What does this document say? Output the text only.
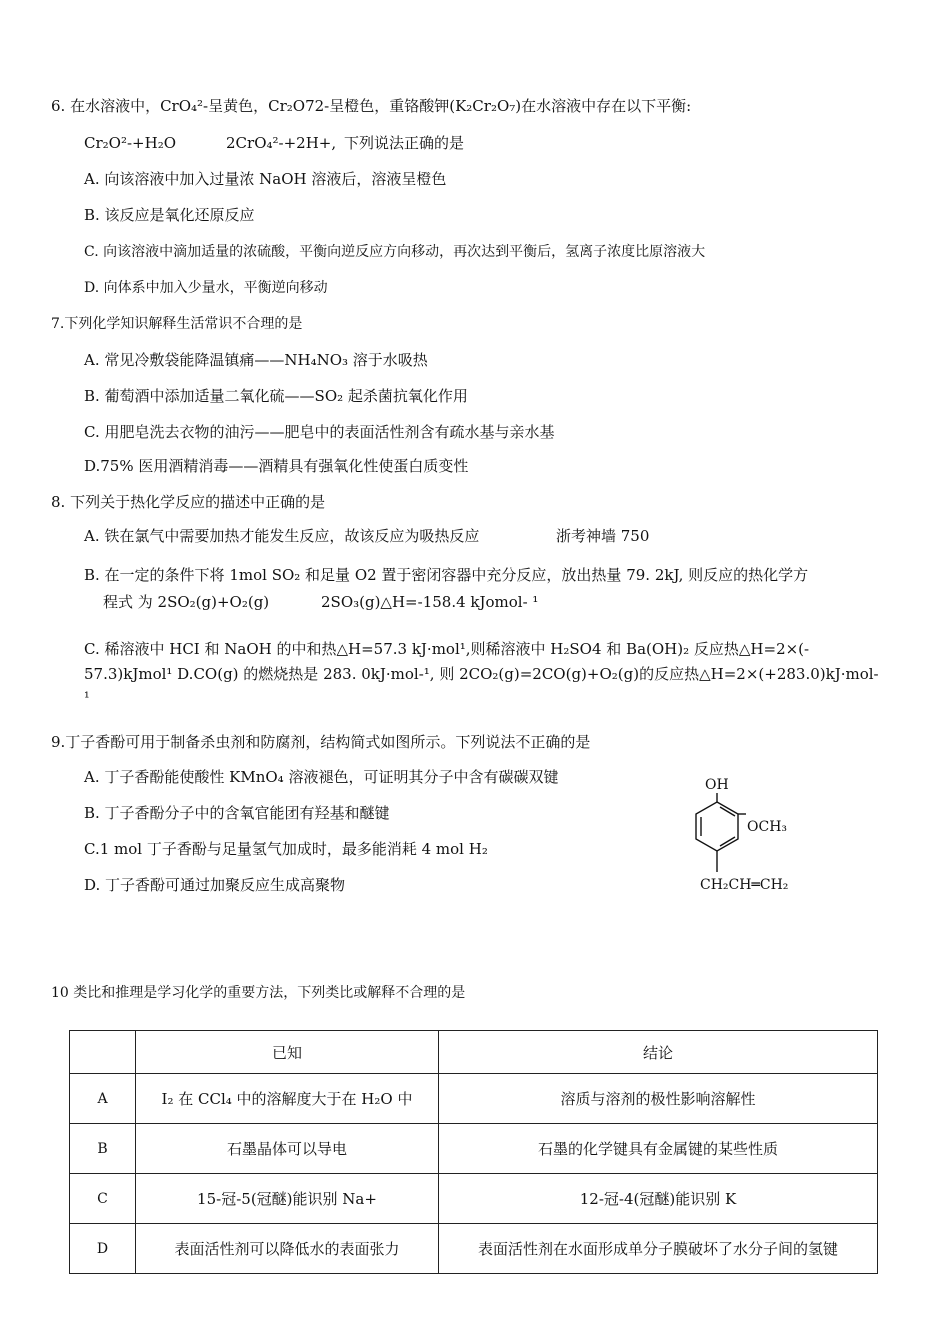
6. 在水溶液中，CrO₄²-呈黄色，Cr₂O72-呈橙色，重铬酸钾(K₂Cr₂O₇)在水溶液中存在以下平衡:
Cr₂O²-+H₂O	2CrO₄²-+2H+, 下列说法正确的是
A. 向该溶液中加入过量浓 NaOH 溶液后，溶液呈橙色
B. 该反应是氧化还原反应
C. 向该溶液中滴加适量的浓硫酸，平衡向逆反应方向移动，再次达到平衡后，氢离子浓度比原溶液大
D. 向体系中加入少量水，平衡逆向移动
7.下列化学知识解释生活常识不合理的是
A. 常见冷敷袋能降温镇痛——NH₄NO₃ 溶于水吸热
B. 葡萄酒中添加适量二氧化硫——SO₂ 起杀菌抗氧化作用
C. 用肥皂洗去衣物的油污——肥皂中的表面活性剂含有疏水基与亲水基
D.75% 医用酒精消毒——酒精具有强氧化性使蛋白质变性
8. 下列关于热化学反应的描述中正确的是
A. 铁在氯气中需要加热才能发生反应，故该反应为吸热反应	浙考神墙 750
B. 在一定的条件下将 1mol SO₂ 和足量 O2 置于密闭容器中充分反应，放出热量 79. 2kJ, 则反应的热化学方
程式 为 2SO₂(g)+O₂(g)	2SO₃(g)△H=-158.4 kJomol- ¹
C. 稀溶液中 HCI 和 NaOH 的中和热△H=57.3 kJ·mol¹,则稀溶液中 H₂SO4 和 Ba(OH)₂ 反应热△H=2×(-
57.3)kJmol¹ D.CO(g) 的燃烧热是 283. 0kJ·mol-¹, 则 2CO₂(g)=2CO(g)+O₂(g)的反应热△H=2×(+283.0)kJ·mol-
¹
9.丁子香酚可用于制备杀虫剂和防腐剂，结构简式如图所示。下列说法不正确的是
A. 丁子香酚能使酸性 KMnO₄ 溶液褪色，可证明其分子中含有碳碳双键
B. 丁子香酚分子中的含氧官能团有羟基和醚键
C.1 mol 丁子香酚与足量氢气加成时，最多能消耗 4 mol H₂
D. 丁子香酚可通过加聚反应生成高聚物
OH
OCH₃
CH₂CH═CH₂
10 类比和推理是学习化学的重要方法，下列类比或解释不合理的是
	已知	结论
A	I₂ 在 CCl₄ 中的溶解度大于在 H₂O 中	溶质与溶剂的极性影响溶解性
B	石墨晶体可以导电	石墨的化学键具有金属键的某些性质
C	15-冠-5(冠醚)能识别 Na+	12-冠-4(冠醚)能识别 K
D	表面活性剂可以降低水的表面张力	表面活性剂在水面形成单分子膜破坏了水分子间的氢键
